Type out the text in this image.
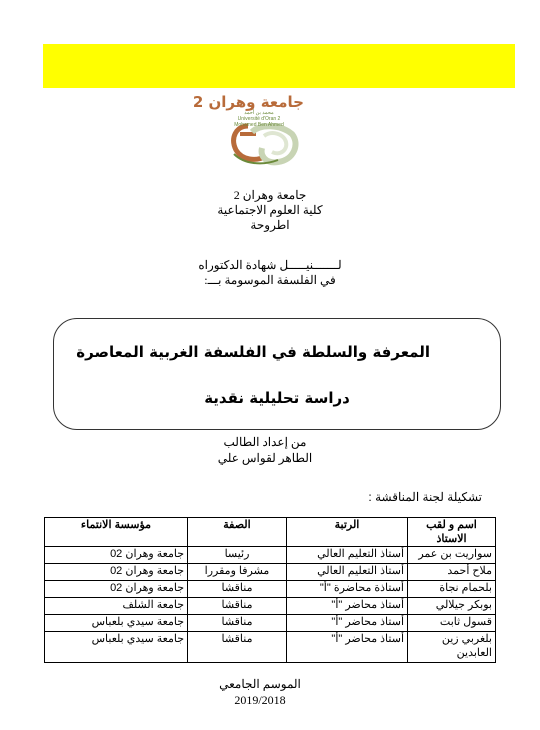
جامعة وهران 2
محمد بن أحمد
Université d'Oran 2
Mohamed Ben Ahmed
جامعة وهران 2
كلية العلوم الاجتماعية
اطروحة
لـــــــنيـــــل شهادة الدكتوراه
في الفلسفة الموسومة بـــ:
المعرفة والسلطة في الفلسفة الغربية المعاصرة
دراسة تحليلية نقدية
من إعداد الطالب
الطاهر لقواس علي
تشكيلة لجنة المناقشة :
اسم و لقب الاستاذ	الرتبة	الصفة	مؤسسة الانتماء
سواريت بن عمر	أستاذ التعليم العالي	رئيسا	جامعة وهران 02
ملاح أحمد	أستاذ التعليم العالي	مشرفا ومقررا	جامعة وهران 02
بلحمام نجاة	أستاذة محاضرة "أ"	مناقشا	جامعة وهران 02
بوبكر جيلالي	أستاذ محاضر "أ"	مناقشا	جامعة الشلف
قسول ثابت	أستاذ محاضر "أ"	مناقشا	جامعة سيدي بلعباس
بلغربي زين العابدين	أستاذ محاضر "أ"	مناقشا	جامعة سيدي بلعباس
الموسم الجامعي
2019/2018
